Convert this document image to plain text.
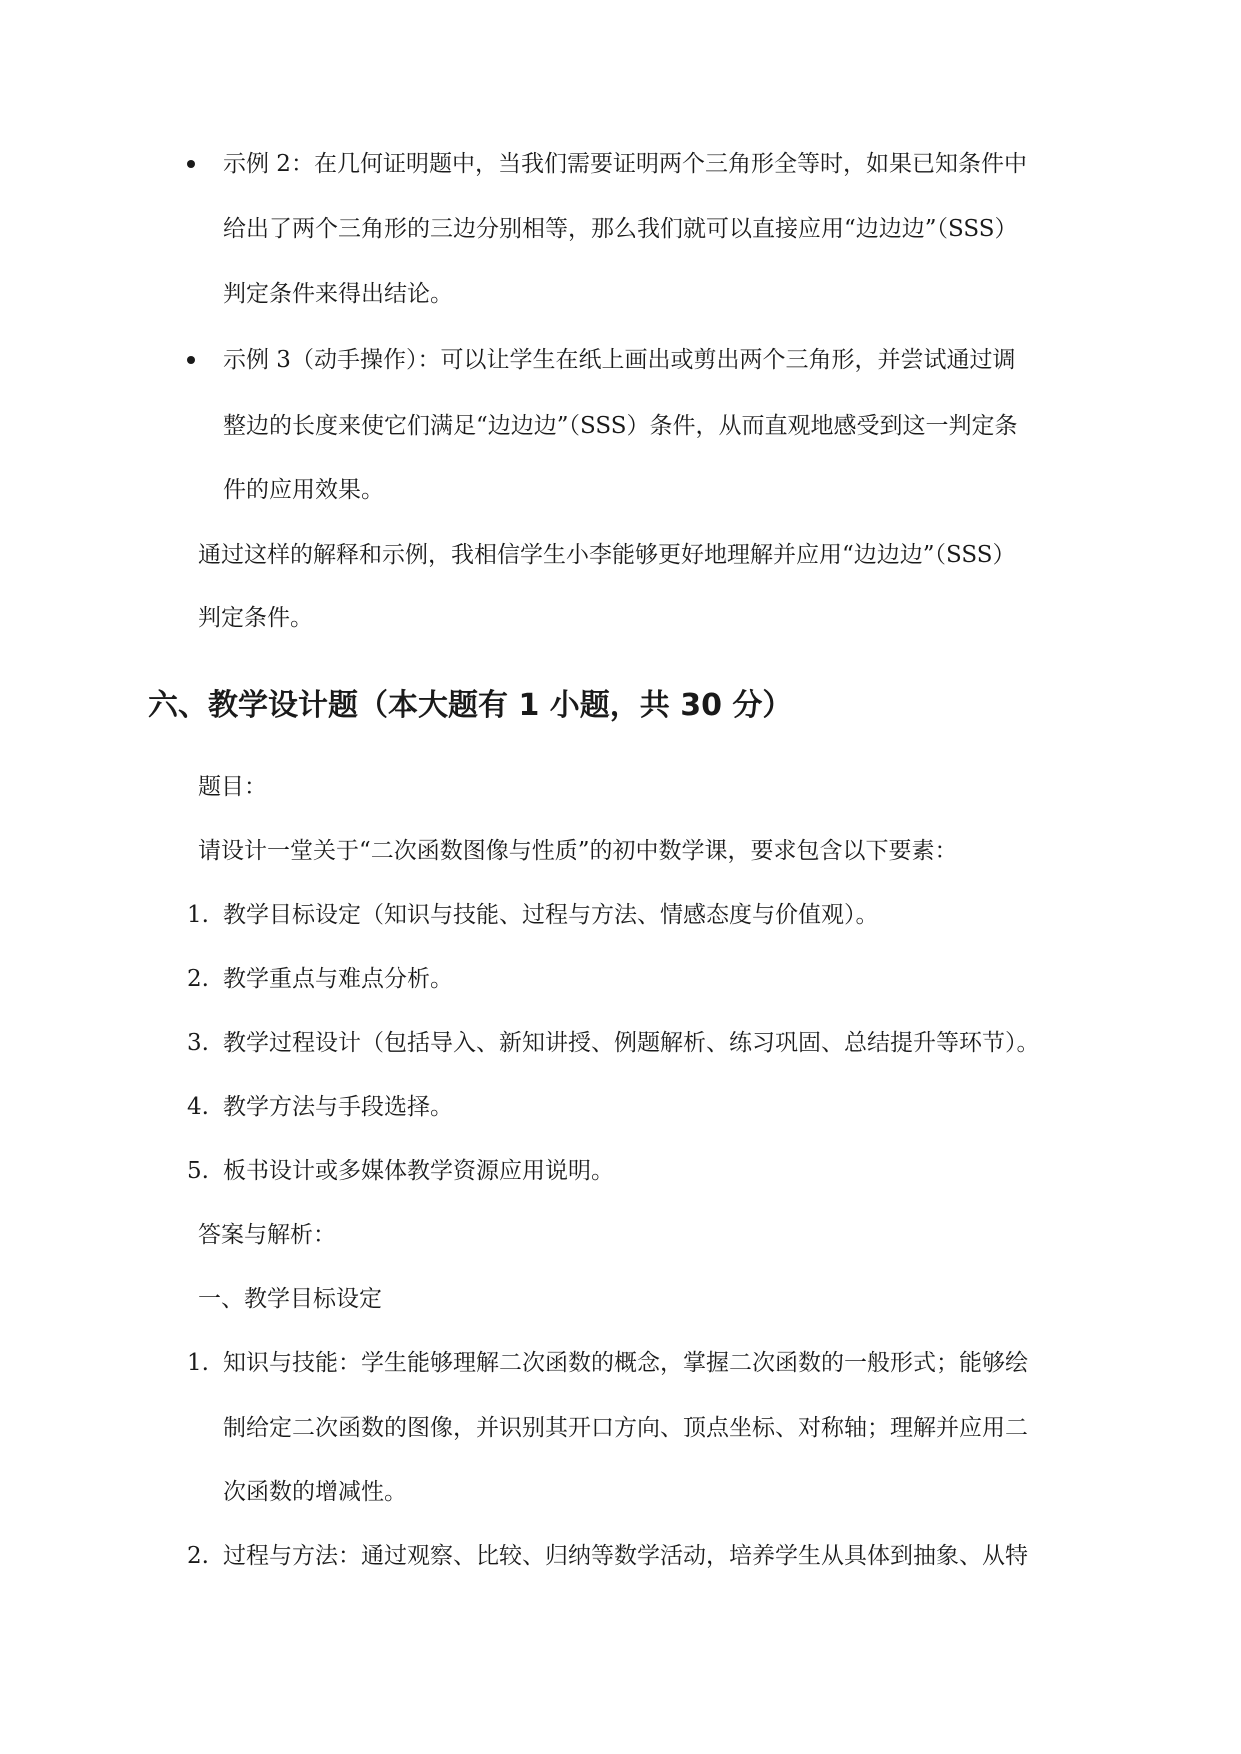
示例 2：在几何证明题中，当我们需要证明两个三角形全等时，如果已知条件中
给出了两个三角形的三边分别相等，那么我们就可以直接应用“边边边”（SSS）
判定条件来得出结论。
示例 3（动手操作）：可以让学生在纸上画出或剪出两个三角形，并尝试通过调
整边的长度来使它们满足“边边边”（SSS）条件，从而直观地感受到这一判定条
件的应用效果。
通过这样的解释和示例，我相信学生小李能够更好地理解并应用“边边边”（SSS）
判定条件。
六、教学设计题（本大题有 1 小题，共 30 分）
题目：
请设计一堂关于“二次函数图像与性质”的初中数学课，要求包含以下要素：
1. 教学目标设定（知识与技能、过程与方法、情感态度与价值观）。
2. 教学重点与难点分析。
3. 教学过程设计（包括导入、新知讲授、例题解析、练习巩固、总结提升等环节）。
4. 教学方法与手段选择。
5. 板书设计或多媒体教学资源应用说明。
答案与解析：
一、教学目标设定
1. 知识与技能：学生能够理解二次函数的概念，掌握二次函数的一般形式；能够绘
制给定二次函数的图像，并识别其开口方向、顶点坐标、对称轴；理解并应用二
次函数的增减性。
2. 过程与方法：通过观察、比较、归纳等数学活动，培养学生从具体到抽象、从特
